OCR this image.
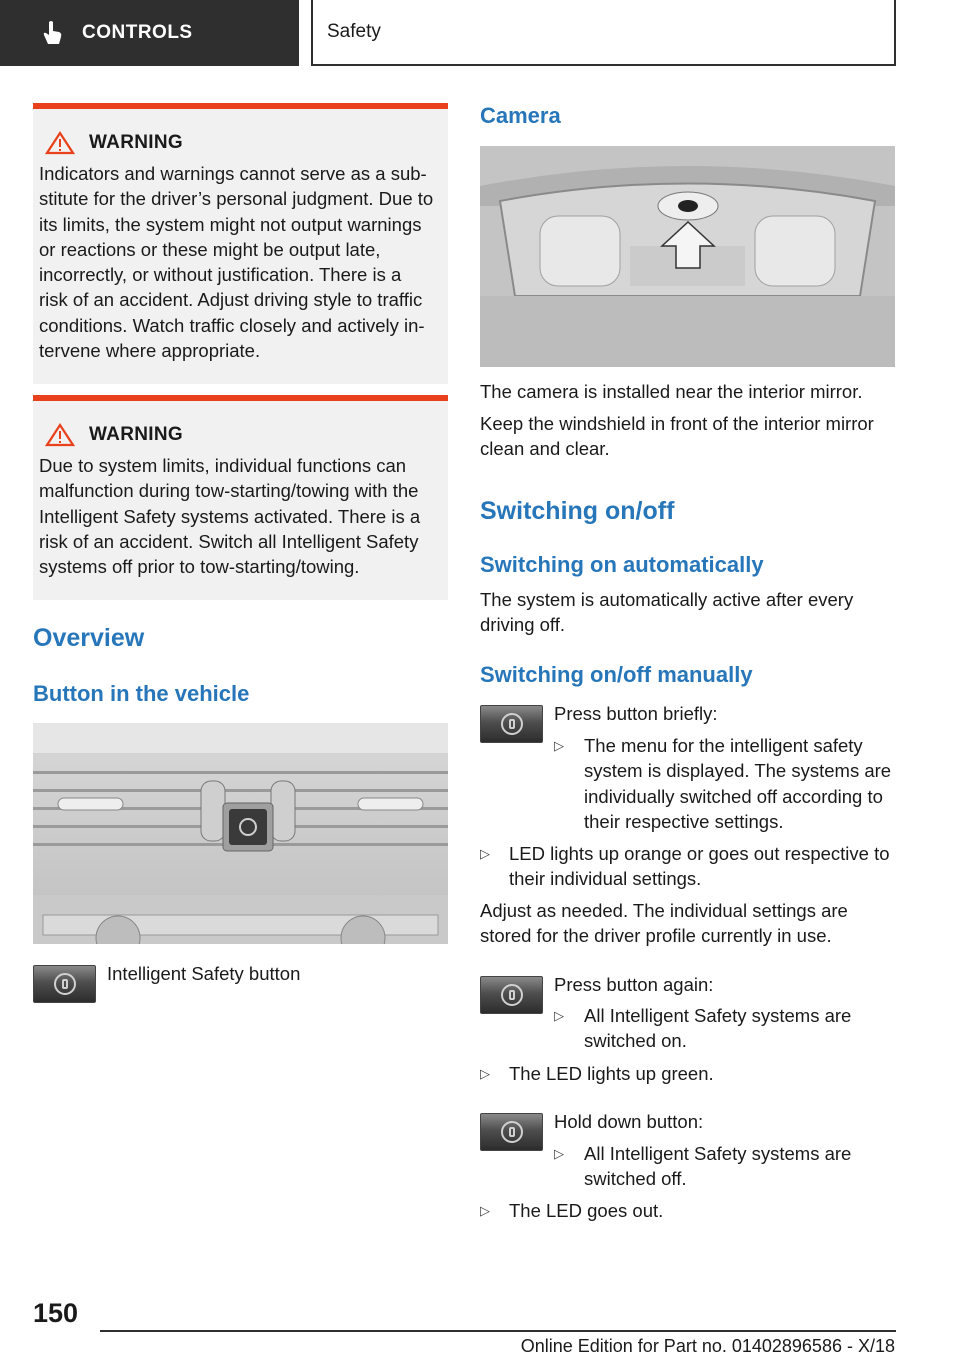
CONTROLS	Safety
WARNING

Indicators and warnings cannot serve as a substitute for the driver’s personal judgment. Due to its limits, the system might not output warnings or reactions or these might be output late, incorrectly, or without justification. There is a risk of an accident. Adjust driving style to traffic conditions. Watch traffic closely and actively intervene where appropriate.

WARNING

Due to system limits, individual functions can malfunction during tow-starting/towing with the Intelligent Safety systems activated. There is a risk of an accident. Switch all Intelligent Safety systems off prior to tow-starting/towing.

Overview
Button in the vehicle
Intelligent Safety button
Camera
The camera is installed near the interior mirror.
Keep the windshield in front of the interior mirror clean and clear.
Switching on/off
Switching on automatically
The system is automatically active after every driving off.
Switching on/off manually
Press button briefly:
▷ The menu for the intelligent safety system is displayed. The systems are individually switched off according to their respective settings.
▷ LED lights up orange or goes out respective to their individual settings.
Adjust as needed. The individual settings are stored for the driver profile currently in use.
Press button again:
▷ All Intelligent Safety systems are switched on.
▷ The LED lights up green.
Hold down button:
▷ All Intelligent Safety systems are switched off.
▷ The LED goes out.
150
Online Edition for Part no. 01402896586 - X/18
